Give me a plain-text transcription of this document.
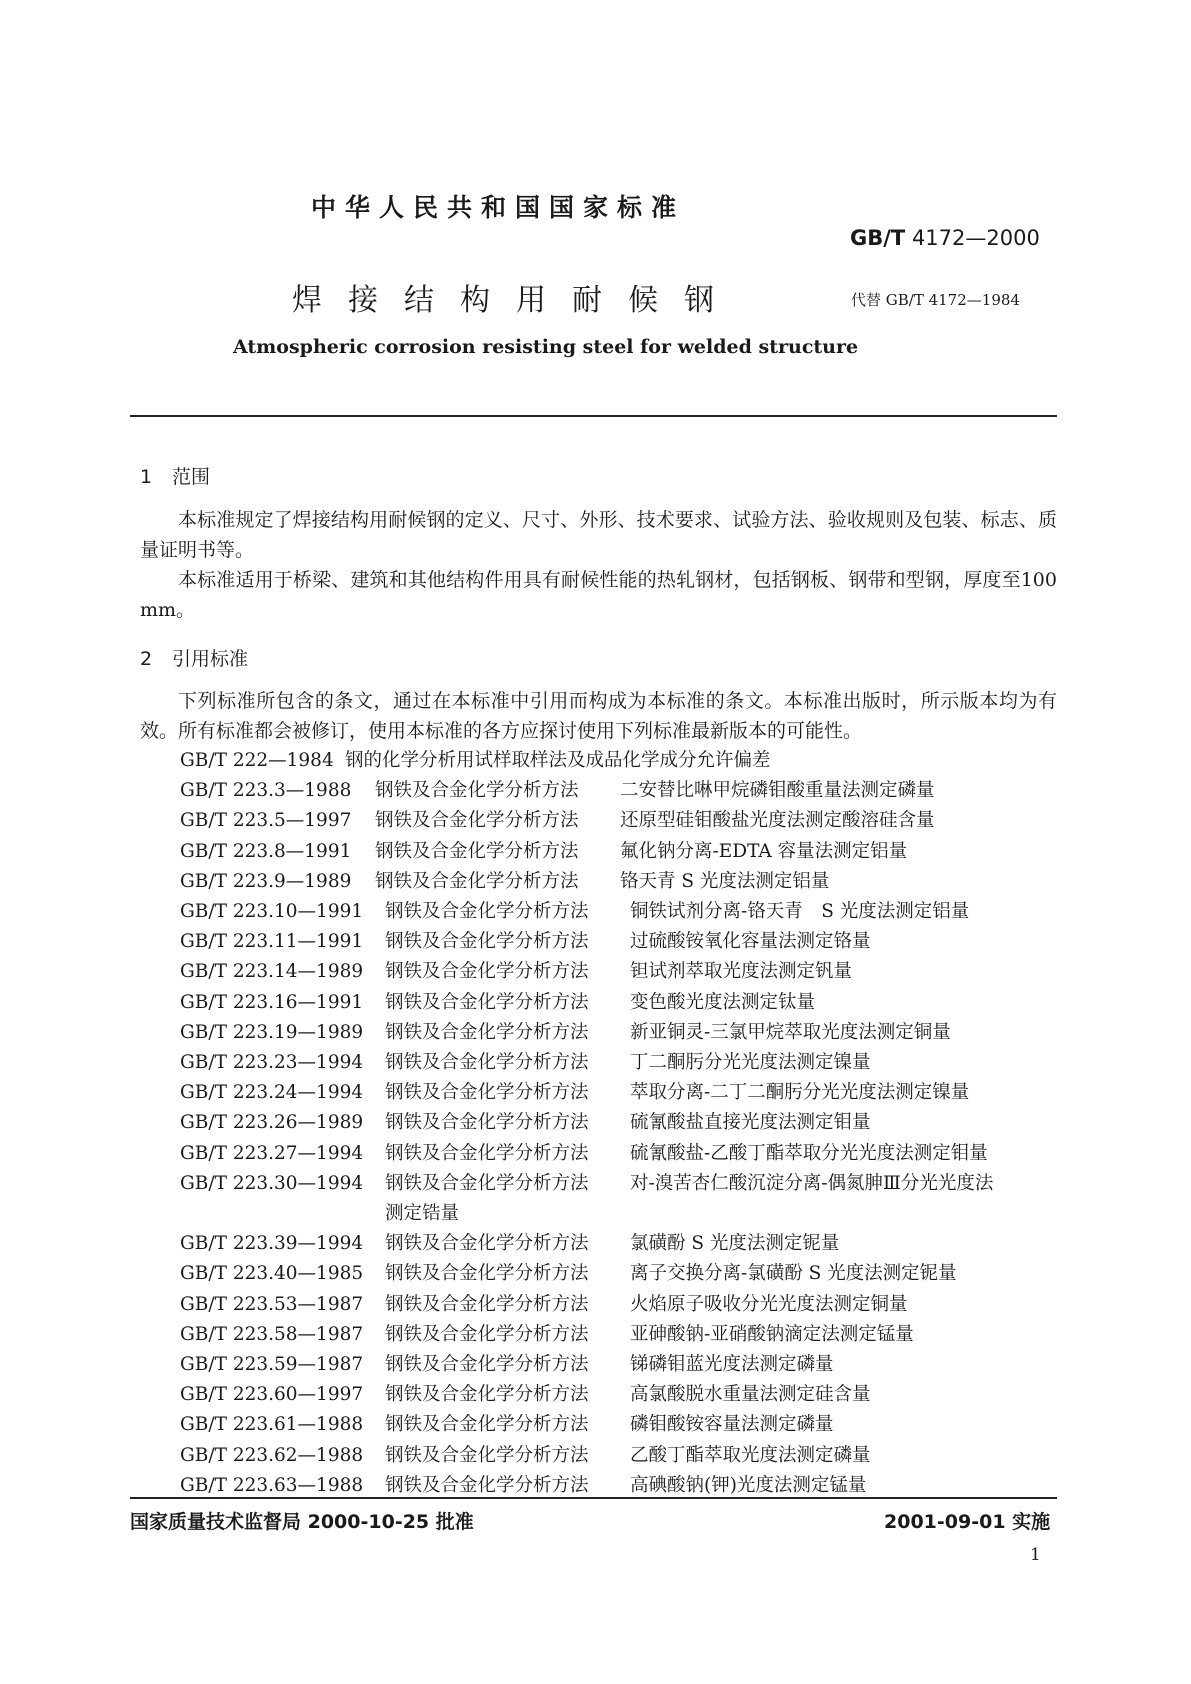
中华人民共和国国家标准
GB/T 4172—2000
焊接结构用耐候钢	代替 GB/T 4172—1984
Atmospheric corrosion resisting steel for welded structure
1 范围
本标准规定了焊接结构用耐候钢的定义、尺寸、外形、技术要求、试验方法、验收规则及包装、标志、质量证明书等。
本标准适用于桥梁、建筑和其他结构件用具有耐候性能的热轧钢材，包括钢板、钢带和型钢，厚度至100 mm。
2 引用标准
下列标准所包含的条文，通过在本标准中引用而构成为本标准的条文。本标准出版时，所示版本均为有效。所有标准都会被修订，使用本标准的各方应探讨使用下列标准最新版本的可能性。
GB/T 222—1984 钢的化学分析用试样取样法及成品化学成分允许偏差
GB/T 223.3—1988 钢铁及合金化学分析方法 二安替比啉甲烷磷钼酸重量法测定磷量
GB/T 223.5—1997 钢铁及合金化学分析方法 还原型硅钼酸盐光度法测定酸溶硅含量
GB/T 223.8—1991 钢铁及合金化学分析方法 氟化钠分离-EDTA 容量法测定铝量
GB/T 223.9—1989 钢铁及合金化学分析方法 铬天青 S 光度法测定铝量
GB/T 223.10—1991 钢铁及合金化学分析方法 铜铁试剂分离-铬天青　S 光度法测定铝量
GB/T 223.11—1991 钢铁及合金化学分析方法 过硫酸铵氧化容量法测定铬量
GB/T 223.14—1989 钢铁及合金化学分析方法 钽试剂萃取光度法测定钒量
GB/T 223.16—1991 钢铁及合金化学分析方法 变色酸光度法测定钛量
GB/T 223.19—1989 钢铁及合金化学分析方法 新亚铜灵-三氯甲烷萃取光度法测定铜量
GB/T 223.23—1994 钢铁及合金化学分析方法 丁二酮肟分光光度法测定镍量
GB/T 223.24—1994 钢铁及合金化学分析方法 萃取分离-二丁二酮肟分光光度法测定镍量
GB/T 223.26—1989 钢铁及合金化学分析方法 硫氰酸盐直接光度法测定钼量
GB/T 223.27—1994 钢铁及合金化学分析方法 硫氰酸盐-乙酸丁酯萃取分光光度法测定钼量
GB/T 223.30—1994 钢铁及合金化学分析方法 对-溴苦杏仁酸沉淀分离-偶氮胂Ⅲ分光光度法
测定锆量
GB/T 223.39—1994 钢铁及合金化学分析方法 氯磺酚 S 光度法测定铌量
GB/T 223.40—1985 钢铁及合金化学分析方法 离子交换分离-氯磺酚 S 光度法测定铌量
GB/T 223.53—1987 钢铁及合金化学分析方法 火焰原子吸收分光光度法测定铜量
GB/T 223.58—1987 钢铁及合金化学分析方法 亚砷酸钠-亚硝酸钠滴定法测定锰量
GB/T 223.59—1987 钢铁及合金化学分析方法 锑磷钼蓝光度法测定磷量
GB/T 223.60—1997 钢铁及合金化学分析方法 高氯酸脱水重量法测定硅含量
GB/T 223.61—1988 钢铁及合金化学分析方法 磷钼酸铵容量法测定磷量
GB/T 223.62—1988 钢铁及合金化学分析方法 乙酸丁酯萃取光度法测定磷量
GB/T 223.63—1988 钢铁及合金化学分析方法 高碘酸钠(钾)光度法测定锰量
国家质量技术监督局 2000-10-25 批准	2001-09-01 实施
1
